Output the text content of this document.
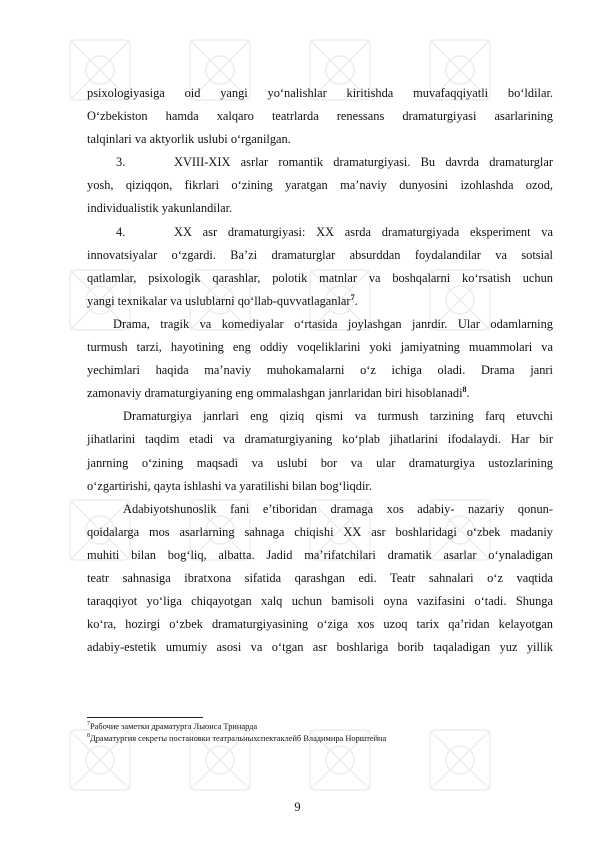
psixologiyasiga oid yangi yo‘nalishlar kiritishda muvafaqqiyatli bo‘ldilar.
O‘zbekiston hamda xalqaro teatrlarda renessans dramaturgiyasi asarlarining
talqinlari va aktyorlik uslubi o‘rganilgan.

3.	XVIII-XIX asrlar romantik dramaturgiyasi. Bu davrda dramaturglar
yosh, qiziqqon, fikrlari o‘zining yaratgan ma’naviy dunyosini izohlashda ozod,
individualistik yakunlandilar.

4.	XX asr dramaturgiyasi: XX asrda dramaturgiyada eksperiment va
innovatsiyalar o‘zgardi. Ba’zi dramaturglar absurddan foydalandilar va sotsial
qatlamlar, psixologik qarashlar, polotik matnlar va boshqalarni ko‘rsatish uchun
yangi texnikalar va uslublarni qo‘llab-quvvatlaganlar$^7$.

Drama, tragik va komediyalar o‘rtasida joylashgan janrdir. Ular odamlarning
turmush tarzi, hayotining eng oddiy voqeliklarini yoki jamiyatning muammolari va
yechimlari haqida ma’naviy muhokamalarni o‘z ichiga oladi. Drama janri
zamonaviy dramaturgiyaning eng ommalashgan janrlaridan biri hisoblanadi$^8$.

Dramaturgiya janrlari eng qiziq qismi va turmush tarzining farq etuvchi
jihatlarini taqdim etadi va dramaturgiyaning ko‘plab jihatlarini ifodalaydi. Har bir
janrning o‘zining maqsadi va uslubi bor va ular dramaturgiya ustozlarining
o‘zgartirishi, qayta ishlashi va yaratilishi bilan bog‘liqdir.

Adabiyotshunoslik fani e’tiboridan dramaga xos adabiy- nazariy qonun-
qoidalarga mos asarlarning sahnaga chiqishi XX asr boshlaridagi o‘zbek madaniy
muhiti bilan bog‘liq, albatta. Jadid ma’rifatchilari dramatik asarlar o‘ynaladigan
teatr sahnasiga ibratxona sifatida qarashgan edi. Teatr sahnalari o‘z vaqtida
taraqqiyot yo‘liga chiqayotgan xalq uchun bamisoli oyna vazifasini o‘tadi. Shunga
ko‘ra, hozirgi o‘zbek dramaturgiyasining o‘ziga xos uzoq tarix qa’ridan kelayotgan
adabiy-estetik umumiy asosi va o‘tgan asr boshlariga borib taqaladigan yuz yillik

$^7$Рабочие заметки драматурга Льюиса Тринарда
$^8$Драматургия секреты постановки театральныхспектаклейб Владимира Норштейна
9
